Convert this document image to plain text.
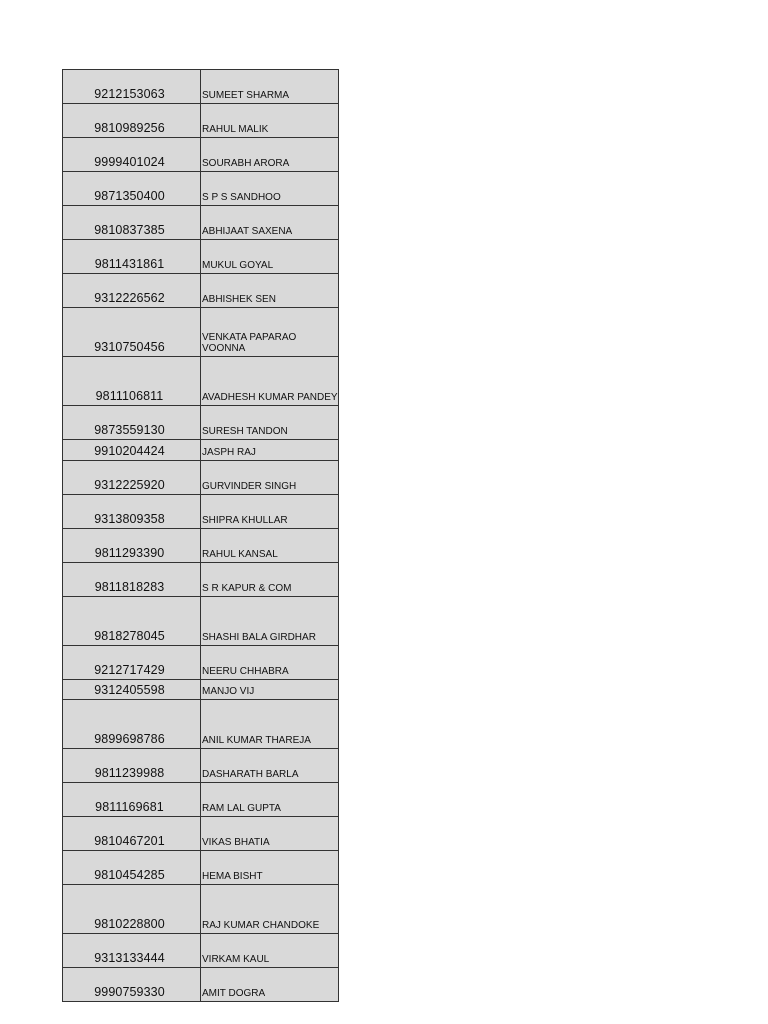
9212153063	SUMEET SHARMA
9810989256	RAHUL MALIK
9999401024	SOURABH ARORA
9871350400	S P S SANDHOO
9810837385	ABHIJAAT SAXENA
9811431861	MUKUL GOYAL
9312226562	ABHISHEK SEN
9310750456	VENKATA PAPARAO VOONNA
9811106811	AVADHESH KUMAR PANDEY
9873559130	SURESH TANDON
9910204424	JASPH RAJ
9312225920	GURVINDER SINGH
9313809358	SHIPRA KHULLAR
9811293390	RAHUL KANSAL
9811818283	S R KAPUR & COM
9818278045	SHASHI BALA GIRDHAR
9212717429	NEERU CHHABRA
9312405598	MANJO VIJ
9899698786	ANIL KUMAR THAREJA
9811239988	DASHARATH BARLA
9811169681	RAM LAL GUPTA
9810467201	VIKAS BHATIA
9810454285	HEMA BISHT
9810228800	RAJ KUMAR CHANDOKE
9313133444	VIRKAM KAUL
9990759330	AMIT DOGRA
